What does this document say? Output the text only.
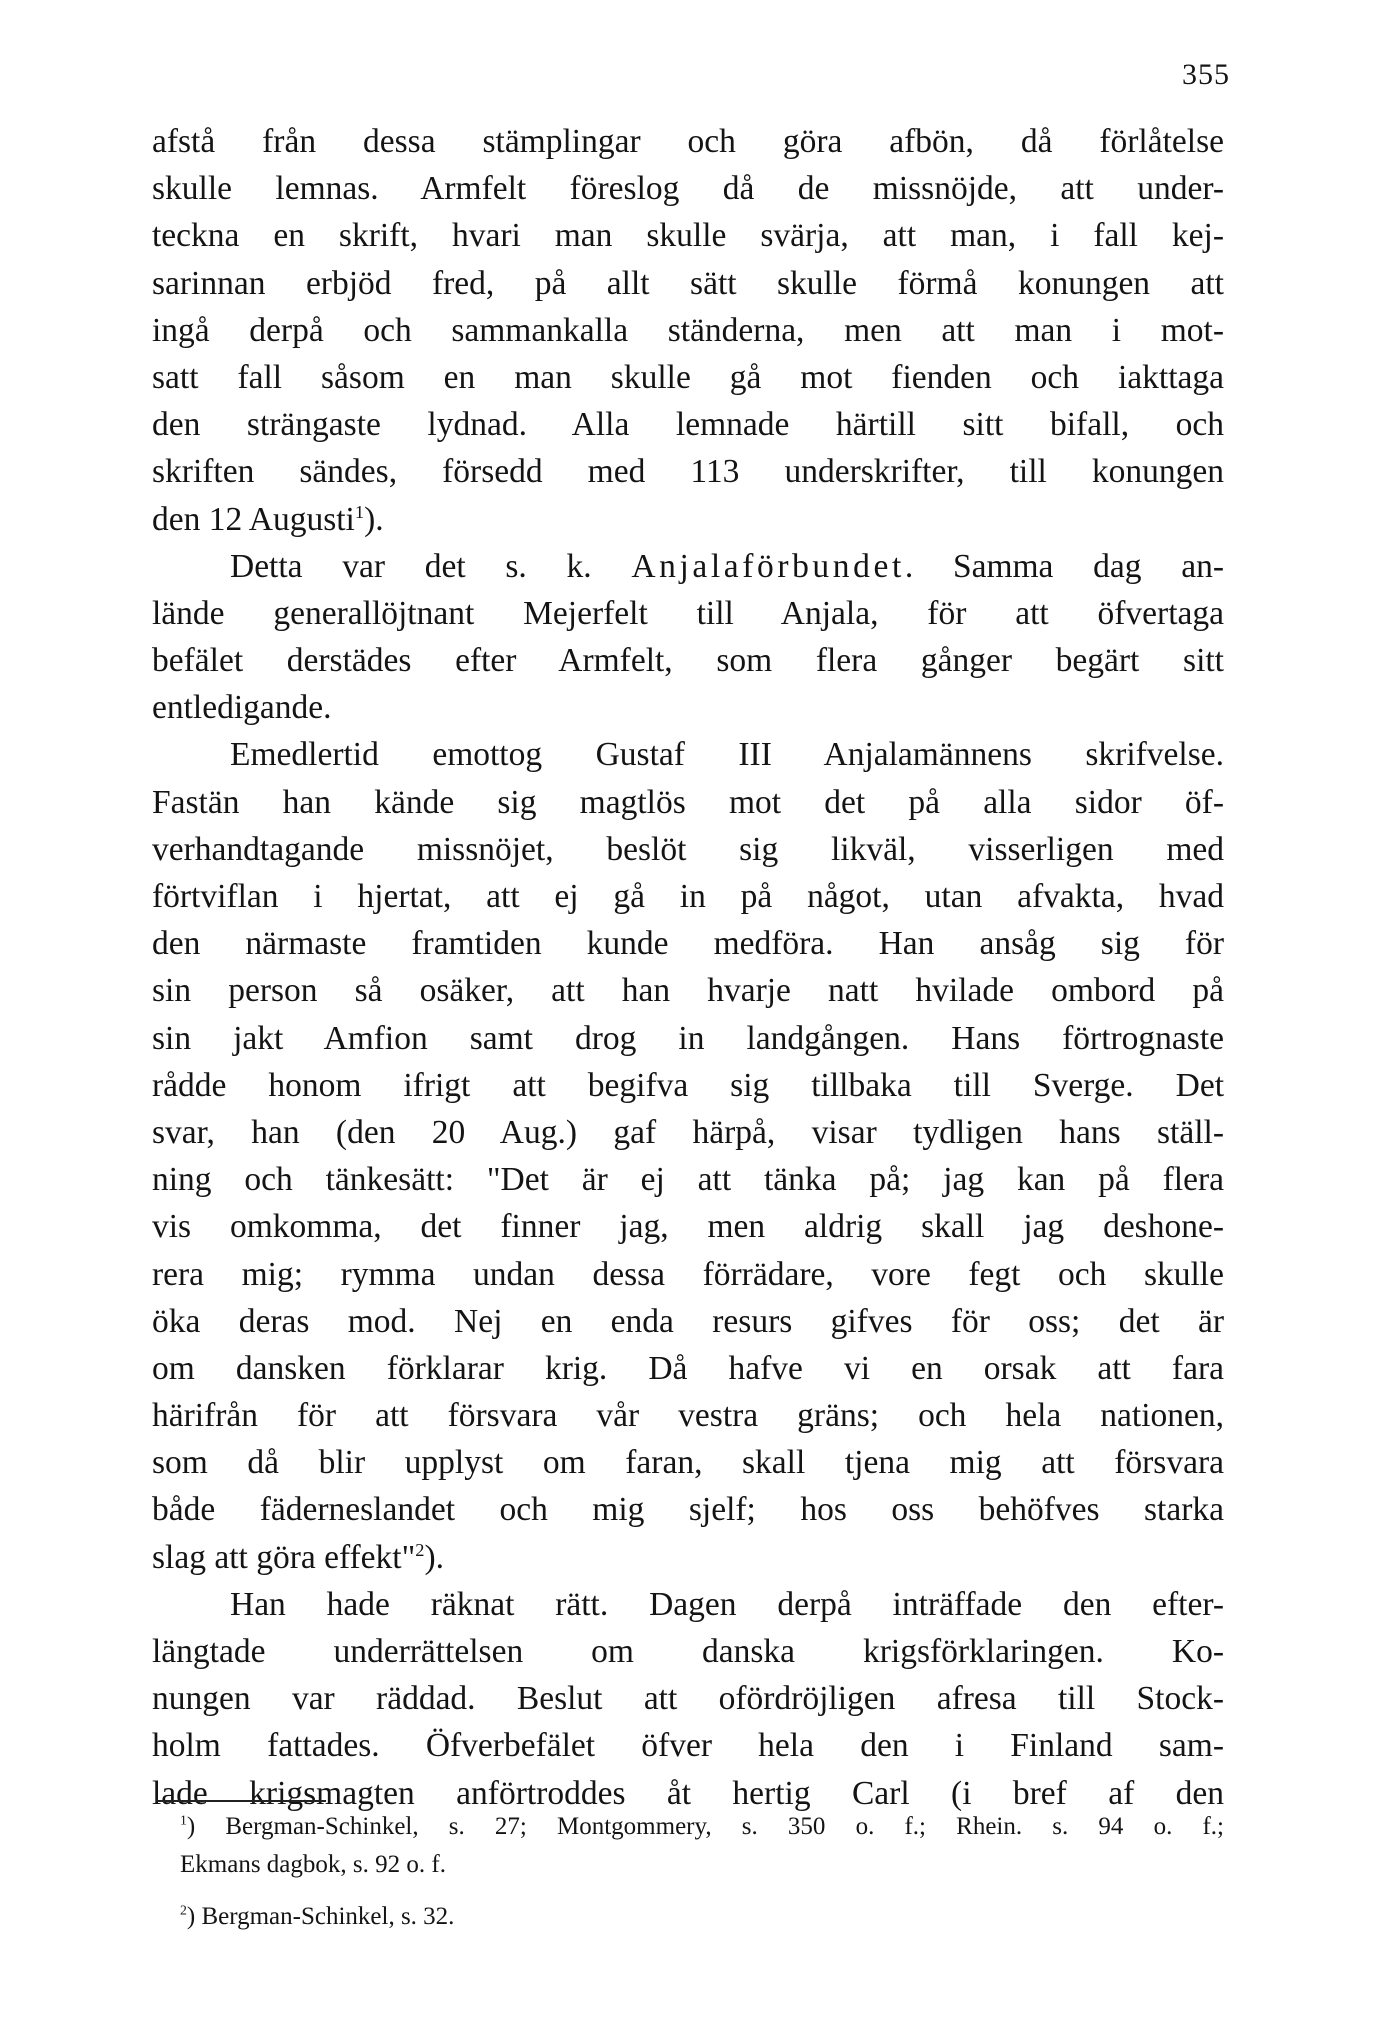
355
afstå från dessa stämplingar och göra afbön, då förlåtelse
skulle lemnas. Armfelt föreslog då de missnöjde, att under-
teckna en skrift, hvari man skulle svärja, att man, i fall kej-
sarinnan erbjöd fred, på allt sätt skulle förmå konungen att
ingå derpå och sammankalla ständerna, men att man i mot-
satt fall såsom en man skulle gå mot fienden och iakttaga
den strängaste lydnad. Alla lemnade härtill sitt bifall, och
skriften sändes, försedd med 113 underskrifter, till konungen
den 12 Augusti$^1$).
Detta var det s. k. Anjalaförbundet. Samma dag an-
lände generallöjtnant Mejerfelt till Anjala, för att öfvertaga
befälet derstädes efter Armfelt, som flera gånger begärt sitt
entledigande.
Emedlertid emottog Gustaf III Anjalamännens skrifvelse.
Fastän han kände sig magtlös mot det på alla sidor öf-
verhandtagande missnöjet, beslöt sig likväl, visserligen med
förtviflan i hjertat, att ej gå in på något, utan afvakta, hvad
den närmaste framtiden kunde medföra. Han ansåg sig för
sin person så osäker, att han hvarje natt hvilade ombord på
sin jakt Amfion samt drog in landgången. Hans förtrognaste
rådde honom ifrigt att begifva sig tillbaka till Sverge. Det
svar, han (den 20 Aug.) gaf härpå, visar tydligen hans ställ-
ning och tänkesätt: "Det är ej att tänka på; jag kan på flera
vis omkomma, det finner jag, men aldrig skall jag deshone-
rera mig; rymma undan dessa förrädare, vore fegt och skulle
öka deras mod. Nej en enda resurs gifves för oss; det är
om dansken förklarar krig. Då hafve vi en orsak att fara
härifrån för att försvara vår vestra gräns; och hela nationen,
som då blir upplyst om faran, skall tjena mig att försvara
både fäderneslandet och mig sjelf; hos oss behöfves starka
slag att göra effekt"$^2$).
Han hade räknat rätt. Dagen derpå inträffade den efter-
längtade underrättelsen om danska krigsförklaringen. Ko-
nungen var räddad. Beslut att ofördröjligen afresa till Stock-
holm fattades. Öfverbefälet öfver hela den i Finland sam-
lade krigsmagten anförtroddes åt hertig Carl (i bref af den
$^1$) Bergman-Schinkel, s. 27; Montgommery, s. 350 o. f.; Rhein. s. 94 o. f.;
Ekmans dagbok, s. 92 o. f.
$^2$) Bergman-Schinkel, s. 32.
